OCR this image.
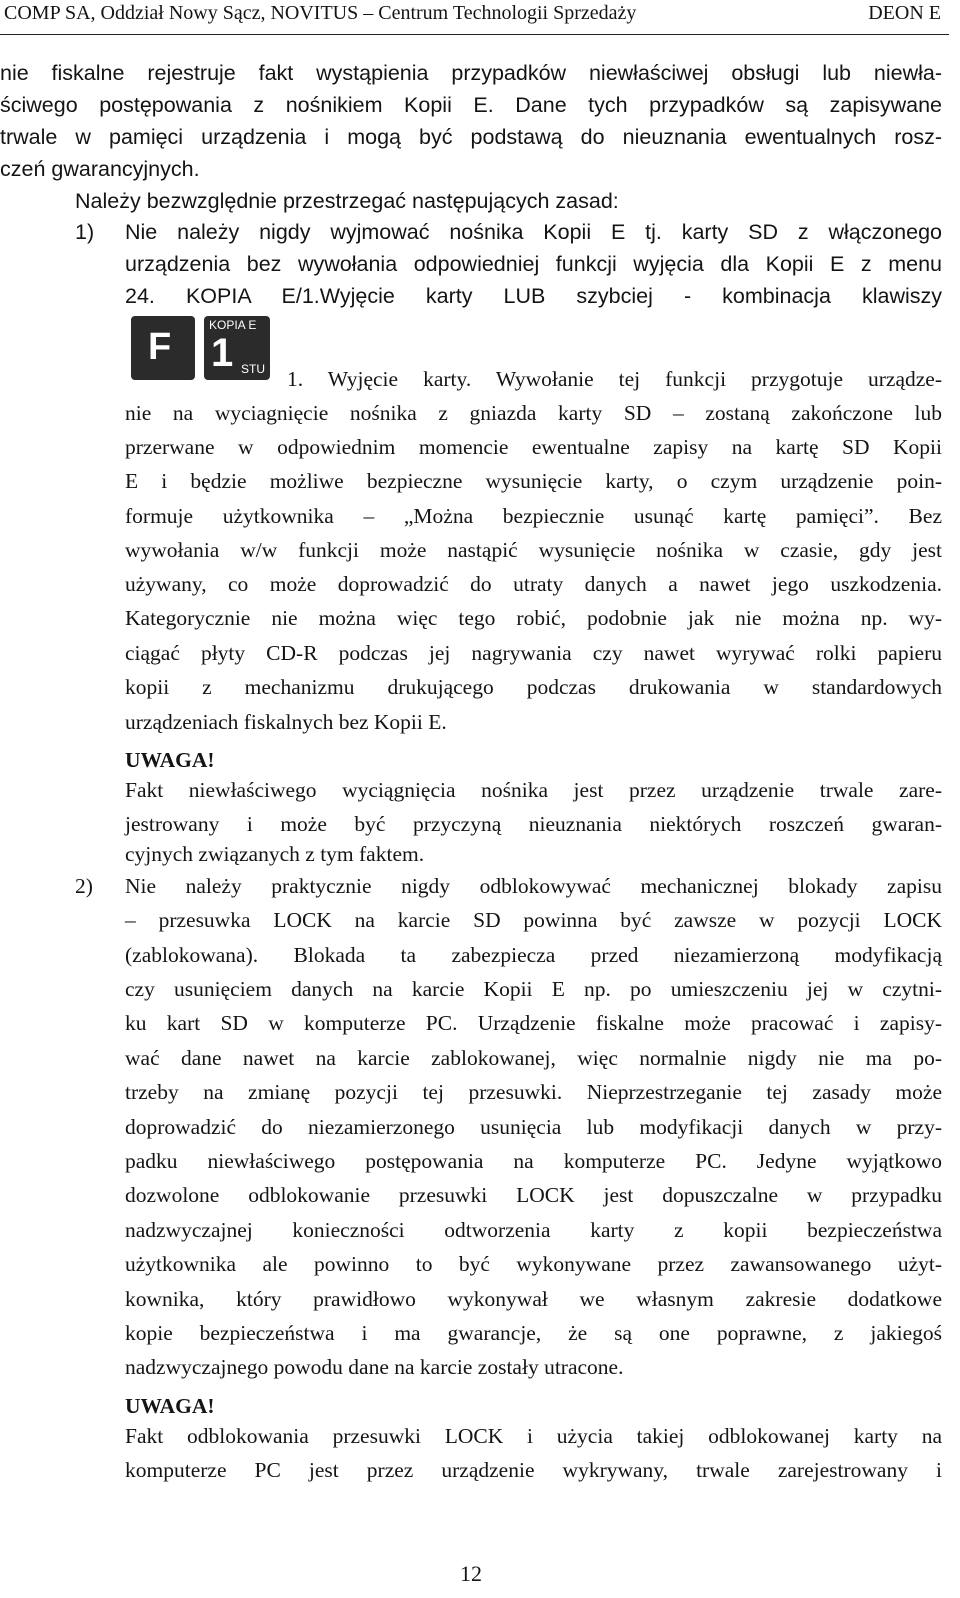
COMP SA, Oddział Nowy Sącz, NOVITUS – Centrum Technologii Sprzedaży	DEON E
nie fiskalne rejestruje fakt wystąpienia przypadków niewłaściwej obsługi lub niewła-
ściwego postępowania z nośnikiem Kopii E. Dane tych przypadków są zapisywane
trwale w pamięci urządzenia i mogą być podstawą do nieuznania ewentualnych rosz-
czeń gwarancyjnych.
Należy bezwzględnie przestrzegać następujących zasad:
1) Nie należy nigdy wyjmować nośnika Kopii E tj. karty SD z włączonego
urządzenia bez wywołania odpowiedniej funkcji wyjęcia dla Kopii E z menu
24. KOPIA E/1.Wyjęcie karty LUB szybciej - kombinacja klawiszy
F
KOPIA E
1 STU 1. Wyjęcie karty. Wywołanie tej funkcji przygotuje urządze-
nie na wyciagnięcie nośnika z gniazda karty SD – zostaną zakończone lub
przerwane w odpowiednim momencie ewentualne zapisy na kartę SD Kopii
E i będzie możliwe bezpieczne wysunięcie karty, o czym urządzenie poin-
formuje użytkownika – „Można bezpiecznie usunąć kartę pamięci”. Bez
wywołania w/w funkcji może nastąpić wysunięcie nośnika w czasie, gdy jest
używany, co może doprowadzić do utraty danych a nawet jego uszkodzenia.
Kategorycznie nie można więc tego robić, podobnie jak nie można np. wy-
ciągać płyty CD-R podczas jej nagrywania czy nawet wyrywać rolki papieru
kopii z mechanizmu drukującego podczas drukowania w standardowych
urządzeniach fiskalnych bez Kopii E.
UWAGA!
Fakt niewłaściwego wyciągnięcia nośnika jest przez urządzenie trwale zare-
jestrowany i może być przyczyną nieuznania niektórych roszczeń gwaran-
cyjnych związanych z tym faktem.
2) Nie należy praktycznie nigdy odblokowywać mechanicznej blokady zapisu
– przesuwka LOCK na karcie SD powinna być zawsze w pozycji LOCK
(zablokowana). Blokada ta zabezpiecza przed niezamierzoną modyfikacją
czy usunięciem danych na karcie Kopii E np. po umieszczeniu jej w czytni-
ku kart SD w komputerze PC. Urządzenie fiskalne może pracować i zapisy-
wać dane nawet na karcie zablokowanej, więc normalnie nigdy nie ma po-
trzeby na zmianę pozycji tej przesuwki. Nieprzestrzeganie tej zasady może
doprowadzić do niezamierzonego usunięcia lub modyfikacji danych w przy-
padku niewłaściwego postępowania na komputerze PC. Jedyne wyjątkowo
dozwolone odblokowanie przesuwki LOCK jest dopuszczalne w przypadku
nadzwyczajnej konieczności odtworzenia karty z kopii bezpieczeństwa
użytkownika ale powinno to być wykonywane przez zawansowanego użyt-
kownika, który prawidłowo wykonywał we własnym zakresie dodatkowe
kopie bezpieczeństwa i ma gwarancje, że są one poprawne, z jakiegoś
nadzwyczajnego powodu dane na karcie zostały utracone.
UWAGA!
Fakt odblokowania przesuwki LOCK i użycia takiej odblokowanej karty na
komputerze PC jest przez urządzenie wykrywany, trwale zarejestrowany i
12
